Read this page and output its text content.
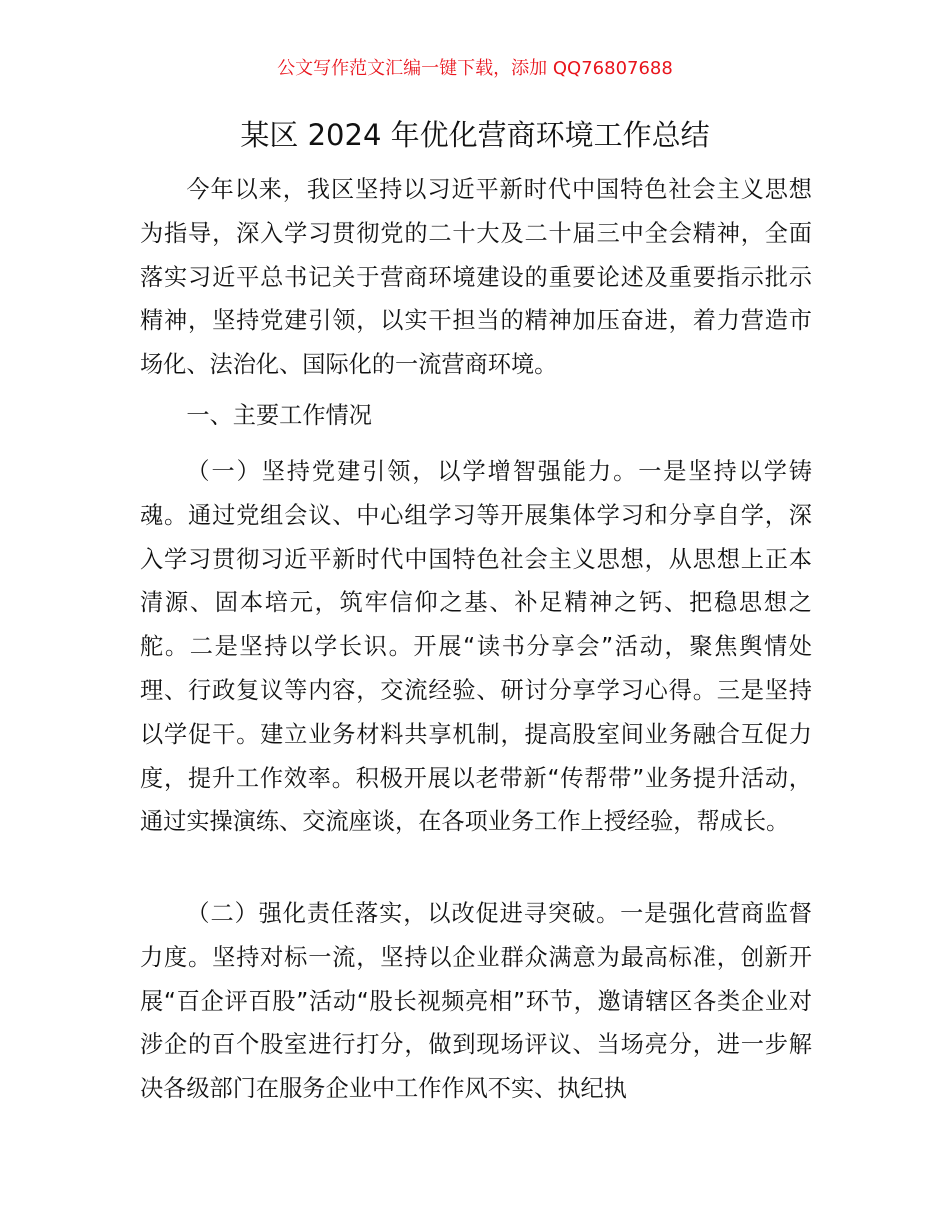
公文写作范文汇编一键下载，添加 QQ76807688
某区 2024 年优化营商环境工作总结

今年以来，我区坚持以习近平新时代中国特色社会主义思想为指导，深入学习贯彻党的二十大及二十届三中全会精神，全面落实习近平总书记关于营商环境建设的重要论述及重要指示批示精神，坚持党建引领，以实干担当的精神加压奋进，着力营造市场化、法治化、国际化的一流营商环境。

一、主要工作情况

（一）坚持党建引领，以学增智强能力。一是坚持以学铸魂。通过党组会议、中心组学习等开展集体学习和分享自学，深入学习贯彻习近平新时代中国特色社会主义思想，从思想上正本清源、固本培元，筑牢信仰之基、补足精神之钙、把稳思想之舵。二是坚持以学长识。开展“读书分享会”活动，聚焦舆情处理、行政复议等内容，交流经验、研讨分享学习心得。三是坚持以学促干。建立业务材料共享机制，提高股室间业务融合互促力度，提升工作效率。积极开展以老带新“传帮带”业务提升活动，通过实操演练、交流座谈，在各项业务工作上授经验，帮成长。

（二）强化责任落实，以改促进寻突破。一是强化营商监督力度。坚持对标一流，坚持以企业群众满意为最高标准，创新开展“百企评百股”活动“股长视频亮相”环节，邀请辖区各类企业对涉企的百个股室进行打分，做到现场评议、当场亮分，进一步解决各级部门在服务企业中工作作风不实、执纪执
